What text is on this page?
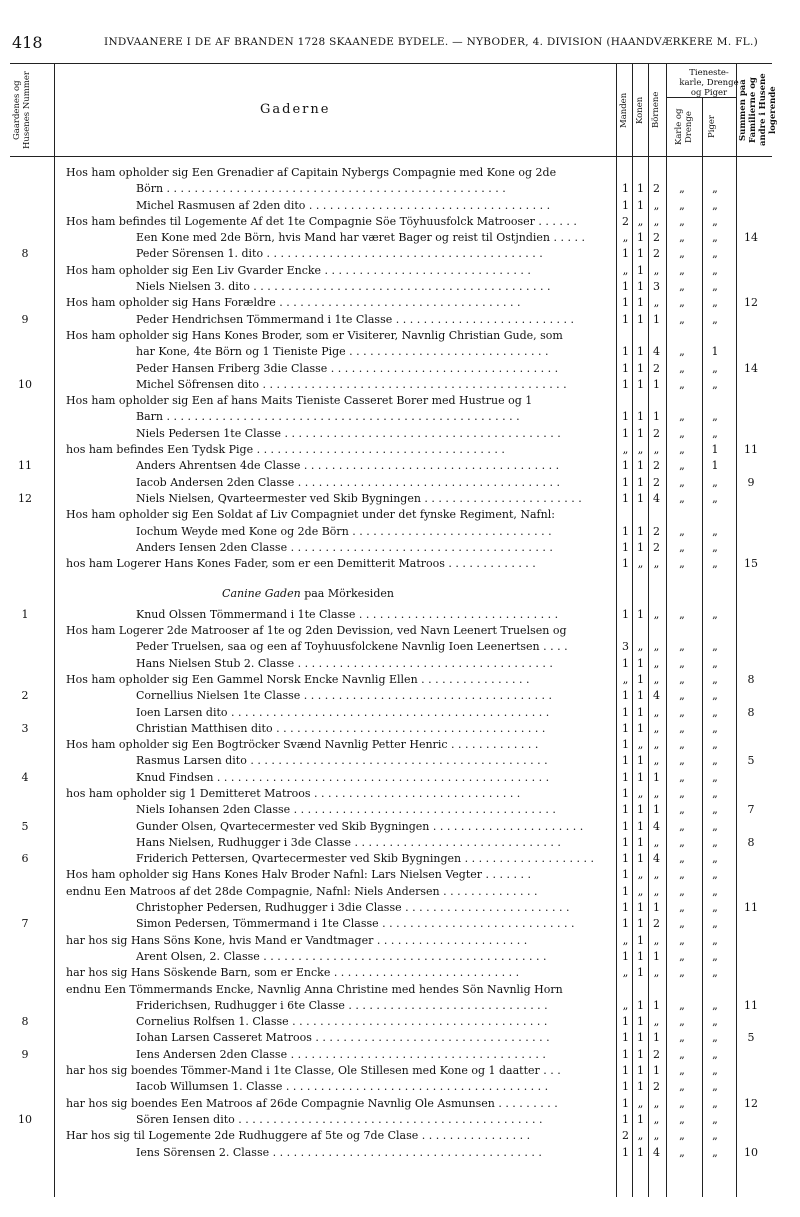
418	INDVAANERE I DE AF BRANDEN 1728 SKAANEDE BYDELE. — NYBODER, 4. DIVISION (HAANDVÆRKERE M. FL.)
Gaardenes og Husenes Nummer	Gaderne	Manden Konen Börnene
Tieneste-karle, Drenge og Piger
Karle og Drenge Piger	Summen paa Familierne og andre i Husene logerende
Hos ham opholder sig Een Grenadier af Capitain Nybergs Compagnie med Kone og 2de
Börn . . . . . . . . . . . . . . . . . . . . . . . . . . . . . . . . . . . . . . . . . . . . . . . . .	1 1 2	„	„
Michel Rasmusen af 2den dito . . . . . . . . . . . . . . . . . . . . . . . . . . . . . . . . . . .	1 1 „	„	„
Hos ham befindes til Logemente Af det 1te Compagnie Söe Töyhuusfolck Matrooser . . . . . .	2 „ „	„	„
Een Kone med 2de Börn, hvis Mand har været Bager og reist til Ostjndien . . . . .	„ 1 2	„	„	14
8	Peder Sörensen 1. dito . . . . . . . . . . . . . . . . . . . . . . . . . . . . . . . . . . . . . . . .	1 1 2	„	„
Hos ham opholder sig Een Liv Gvarder Encke . . . . . . . . . . . . . . . . . . . . . . . . . . . . . .	„ 1 „	„	„
Niels Nielsen 3. dito . . . . . . . . . . . . . . . . . . . . . . . . . . . . . . . . . . . . . . . . . . .	1 1 3	„	„
Hos ham opholder sig Hans Forældre . . . . . . . . . . . . . . . . . . . . . . . . . . . . . . . . . . .	1 1 „	„	„	12
9	Peder Hendrichsen Tömmermand i 1te Classe . . . . . . . . . . . . . . . . . . . . . . . . . .	1 1 1	„	„
Hos ham opholder sig Hans Kones Broder, som er Visiterer, Navnlig Christian Gude, som
har Kone, 4te Börn og 1 Tieniste Pige . . . . . . . . . . . . . . . . . . . . . . . . . . . . .	1 1 4	„	1
Peder Hansen Friberg 3die Classe . . . . . . . . . . . . . . . . . . . . . . . . . . . . . . . . .	1 1 2	„	„	14
10	Michel Söfrensen dito . . . . . . . . . . . . . . . . . . . . . . . . . . . . . . . . . . . . . . . . . . . .	1 1 1	„	„
Hos ham opholder sig Een af hans Maits Tieniste Casseret Borer med Hustrue og 1
Barn . . . . . . . . . . . . . . . . . . . . . . . . . . . . . . . . . . . . . . . . . . . . . . . . . . .	1 1 1	„	„
Niels Pedersen 1te Classe . . . . . . . . . . . . . . . . . . . . . . . . . . . . . . . . . . . . . . . .	1 1 2	„	„
hos ham befindes Een Tydsk Pige . . . . . . . . . . . . . . . . . . . . . . . . . . . . . . . . . . . .	„ „ „	„	1	11
11	Anders Ahrentsen 4de Classe . . . . . . . . . . . . . . . . . . . . . . . . . . . . . . . . . . . . .	1 1 2	„	1
Iacob Andersen 2den Classe . . . . . . . . . . . . . . . . . . . . . . . . . . . . . . . . . . . . . .	1 1 2	„	„	9
12	Niels Nielsen, Qvarteermester ved Skib Bygningen . . . . . . . . . . . . . . . . . . . . . . .	1 1 4	„	„
Hos ham opholder sig Een Soldat af Liv Compagniet under det fynske Regiment, Nafnl:
Iochum Weyde med Kone og 2de Börn . . . . . . . . . . . . . . . . . . . . . . . . . . . . .	1 1 2	„	„
Anders Iensen 2den Classe . . . . . . . . . . . . . . . . . . . . . . . . . . . . . . . . . . . . . .	1 1 2	„	„
hos ham Logerer Hans Kones Fader, som er een Demitterit Matroos . . . . . . . . . . . . .	1 „ „	„	„	15
Canine Gaden paa Mörkesiden
1	Knud Olssen Tömmermand i 1te Classe . . . . . . . . . . . . . . . . . . . . . . . . . . . . .	1 1 „	„	„
Hos ham Logerer 2de Matrooser af 1te og 2den Devission, ved Navn Leenert Truelsen og
Peder Truelsen, saa og een af Toyhuusfolckene Navnlig Ioen Leenertsen . . . .	3 „ „	„	„
Hans Nielsen Stub 2. Classe . . . . . . . . . . . . . . . . . . . . . . . . . . . . . . . . . . . . .	1 1 „	„	„
Hos ham opholder sig Een Gammel Norsk Encke Navnlig Ellen . . . . . . . . . . . . . . . .	„ 1 „	„	„	8
2	Cornellius Nielsen 1te Classe . . . . . . . . . . . . . . . . . . . . . . . . . . . . . . . . . . . .	1 1 4	„	„
Ioen Larsen dito . . . . . . . . . . . . . . . . . . . . . . . . . . . . . . . . . . . . . . . . . . . . . .	1 1 „	„	„	8
3	Christian Matthisen dito . . . . . . . . . . . . . . . . . . . . . . . . . . . . . . . . . . . . . . .	1 1 „	„	„
Hos ham opholder sig Een Bogtröcker Svænd Navnlig Petter Henric . . . . . . . . . . . . .	1 „ „	„	„
Rasmus Larsen dito . . . . . . . . . . . . . . . . . . . . . . . . . . . . . . . . . . . . . . . . . . .	1 1 „	„	„	5
4	Knud Findsen . . . . . . . . . . . . . . . . . . . . . . . . . . . . . . . . . . . . . . . . . . . . . . . .	1 1 1	„	„
hos ham opholder sig 1 Demitteret Matroos . . . . . . . . . . . . . . . . . . . . . . . . . . . . . .	1 „ „	„	„
Niels Iohansen 2den Classe . . . . . . . . . . . . . . . . . . . . . . . . . . . . . . . . . . . . . .	1 1 1	„	„	7
5	Gunder Olsen, Qvartecermester ved Skib Bygningen . . . . . . . . . . . . . . . . . . . . . .	1 1 4	„	„
Hans Nielsen, Rudhugger i 3de Classe . . . . . . . . . . . . . . . . . . . . . . . . . . . . . .	1 1 „	„	„	8
6	Friderich Pettersen, Qvartecermester ved Skib Bygningen . . . . . . . . . . . . . . . . . . .	1 1 4	„	„
Hos ham opholder sig Hans Kones Halv Broder Nafnl: Lars Nielsen Vegter . . . . . . .	1 „ „	„	„
endnu Een Matroos af det 28de Compagnie, Nafnl: Niels Andersen . . . . . . . . . . . . . .	1 „ „	„	„
Christopher Pedersen, Rudhugger i 3die Classe . . . . . . . . . . . . . . . . . . . . . . . .	1 1 1	„	„	11
7	Simon Pedersen, Tömmermand i 1te Classe . . . . . . . . . . . . . . . . . . . . . . . . . . . .	1 1 2	„	„
har hos sig Hans Söns Kone, hvis Mand er Vandtmager . . . . . . . . . . . . . . . . . . . . . .	„ 1 „	„	„
Arent Olsen, 2. Classe . . . . . . . . . . . . . . . . . . . . . . . . . . . . . . . . . . . . . . . . .	1 1 1	„	„
har hos sig Hans Söskende Barn, som er Encke . . . . . . . . . . . . . . . . . . . . . . . . . . .	„ 1 „	„	„
endnu Een Tömmermands Encke, Navnlig Anna Christine med hendes Sön Navnlig Horn
Friderichsen, Rudhugger i 6te Classe . . . . . . . . . . . . . . . . . . . . . . . . . . . . .	„ 1 1	„	„	11
8	Cornelius Rolfsen 1. Classe . . . . . . . . . . . . . . . . . . . . . . . . . . . . . . . . . . . . .	1 1 „	„	„
Iohan Larsen Casseret Matroos . . . . . . . . . . . . . . . . . . . . . . . . . . . . . . . . . .	1 1 1	„	„	5
9	Iens Andersen 2den Classe . . . . . . . . . . . . . . . . . . . . . . . . . . . . . . . . . . . . .	1 1 2	„	„
har hos sig boendes Tömmer-Mand i 1te Classe, Ole Stillesen med Kone og 1 daatter . . .	1 1 1	„	„
Iacob Willumsen 1. Classe . . . . . . . . . . . . . . . . . . . . . . . . . . . . . . . . . . . . . .	1 1 2	„	„
har hos sig boendes Een Matroos af 26de Compagnie Navnlig Ole Asmunsen . . . . . . . . .	1 „ „	„	„	12
10	Sören Iensen dito . . . . . . . . . . . . . . . . . . . . . . . . . . . . . . . . . . . . . . . . . . . .	1 1 „	„	„
Har hos sig til Logemente 2de Rudhuggere af 5te og 7de Clase . . . . . . . . . . . . . . . .	2 „ „	„	„
Iens Sörensen 2. Classe . . . . . . . . . . . . . . . . . . . . . . . . . . . . . . . . . . . . . . .	1 1 4	„	„	10
